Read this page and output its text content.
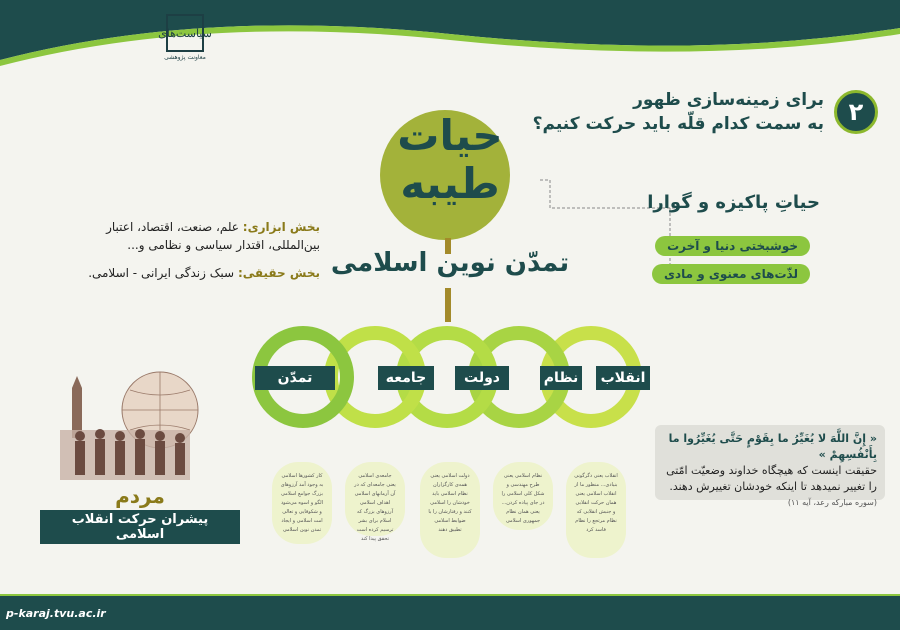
سیاست‌های
معاونت پژوهشی
۲
برای زمینه‌سازی ظهور
به سمت کدام قلّه باید حرکت کنیم؟
حیات
طیبه
تمدّن نوین اسلامی
حیاتِ پاکیزه و گوارا
خوشبختی دنیا و آخرت
لذّت‌های معنوی و مادی
بخش ابزاری: علم، صنعت، اقتصاد، اعتبار بین‌المللی، اقتدار سیاسی و نظامی و...
بخش حقیقی: سبک زندگی ایرانی - اسلامی.
انقلاب
نظام
دولت
جامعه
تمدّن
انقلاب یعنی دگرگونی بنیادی... منظور ما از انقلاب اسلامی یعنی همان حرکت انقلابی و جنبش انقلابی که نظام مرتجع را نظام فاسد کرد
نظام اسلامی یعنی طرح مهندسی و شکل کلی اسلامی را در جای پیاده کردن... یعنی همان نظام جمهوری اسلامی
دولت اسلامی یعنی همه‌ی کارگزاران نظام اسلامی باید خودشان را اسلامی کنند و رفتارشان را با ضوابط اسلامی تطبیق دهند
جامعه‌ی اسلامی یعنی جامعه‌ای که در آن آرمانهای اسلامی اهداف اسلامی آرزوهای بزرگ که اسلام برای بشر ترسیم کرده است تحقق پیدا کند
کار کشورها اسلامی به وجود آمد آرزوهای بزرگ جوامع اسلامی الگو و اسوه می‌شود و شکوفایی و تعالی امت اسلامی و ایجاد تمدن نوین اسلامی
« إِنَّ اللَّهَ لا يُغَيِّرُ ما بِقَوْمٍ حَتَّى يُغَيِّرُوا ما بِأَنْفُسِهِمْ »
حقیقت اینست که هیچگاه خداوند وضعیّت امّتی را تغییر نمیدهد تا اینکه خودشان تغییرش دهند.
(سوره مبارکه رعد، آیه ۱۱)
مردم
پیشران حرکت انقلاب اسلامی
p-karaj.tvu.ac.ir
